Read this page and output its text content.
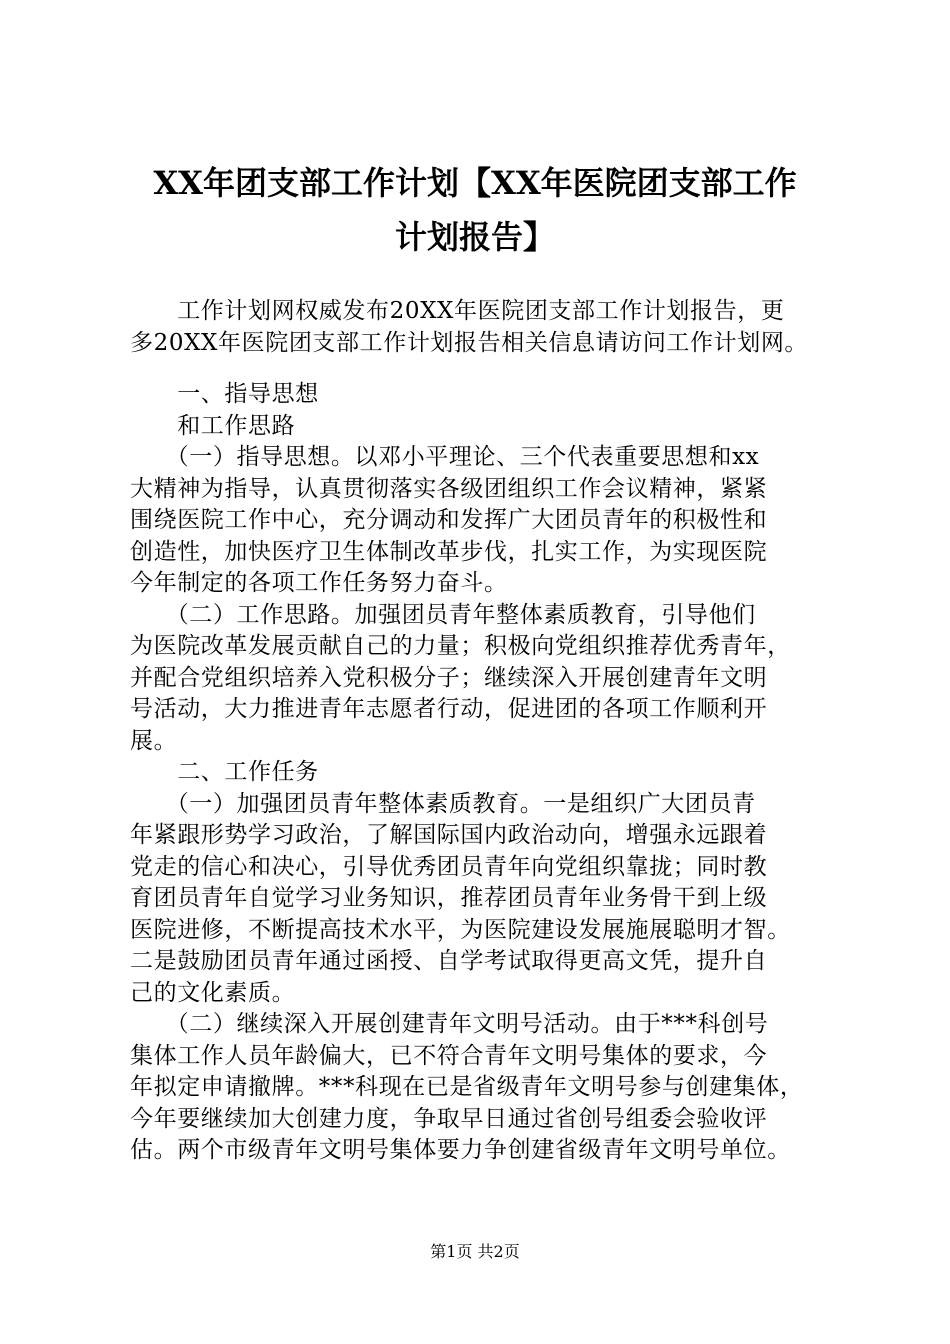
XX年团支部工作计划【XX年医院团支部工作
计划报告】
　　工作计划网权威发布20XX年医院团支部工作计划报告，更
多20XX年医院团支部工作计划报告相关信息请访问工作计划网。
　　一、指导思想
　　和工作思路
　　（一）指导思想。以邓小平理论、三个代表重要思想和xx
大精神为指导，认真贯彻落实各级团组织工作会议精神，紧紧
围绕医院工作中心，充分调动和发挥广大团员青年的积极性和
创造性，加快医疗卫生体制改革步伐，扎实工作，为实现医院
今年制定的各项工作任务努力奋斗。
　　（二）工作思路。加强团员青年整体素质教育，引导他们
为医院改革发展贡献自己的力量；积极向党组织推荐优秀青年，
并配合党组织培养入党积极分子；继续深入开展创建青年文明
号活动，大力推进青年志愿者行动，促进团的各项工作顺利开
展。
　　二、工作任务
　　（一）加强团员青年整体素质教育。一是组织广大团员青
年紧跟形势学习政治，了解国际国内政治动向，增强永远跟着
党走的信心和决心，引导优秀团员青年向党组织靠拢；同时教
育团员青年自觉学习业务知识，推荐团员青年业务骨干到上级
医院进修，不断提高技术水平，为医院建设发展施展聪明才智。
二是鼓励团员青年通过函授、自学考试取得更高文凭，提升自
己的文化素质。
　　（二）继续深入开展创建青年文明号活动。由于***科创号
集体工作人员年龄偏大，已不符合青年文明号集体的要求，今
年拟定申请撤牌。***科现在已是省级青年文明号参与创建集体，
今年要继续加大创建力度，争取早日通过省创号组委会验收评
估。两个市级青年文明号集体要力争创建省级青年文明号单位。
第1页 共2页
